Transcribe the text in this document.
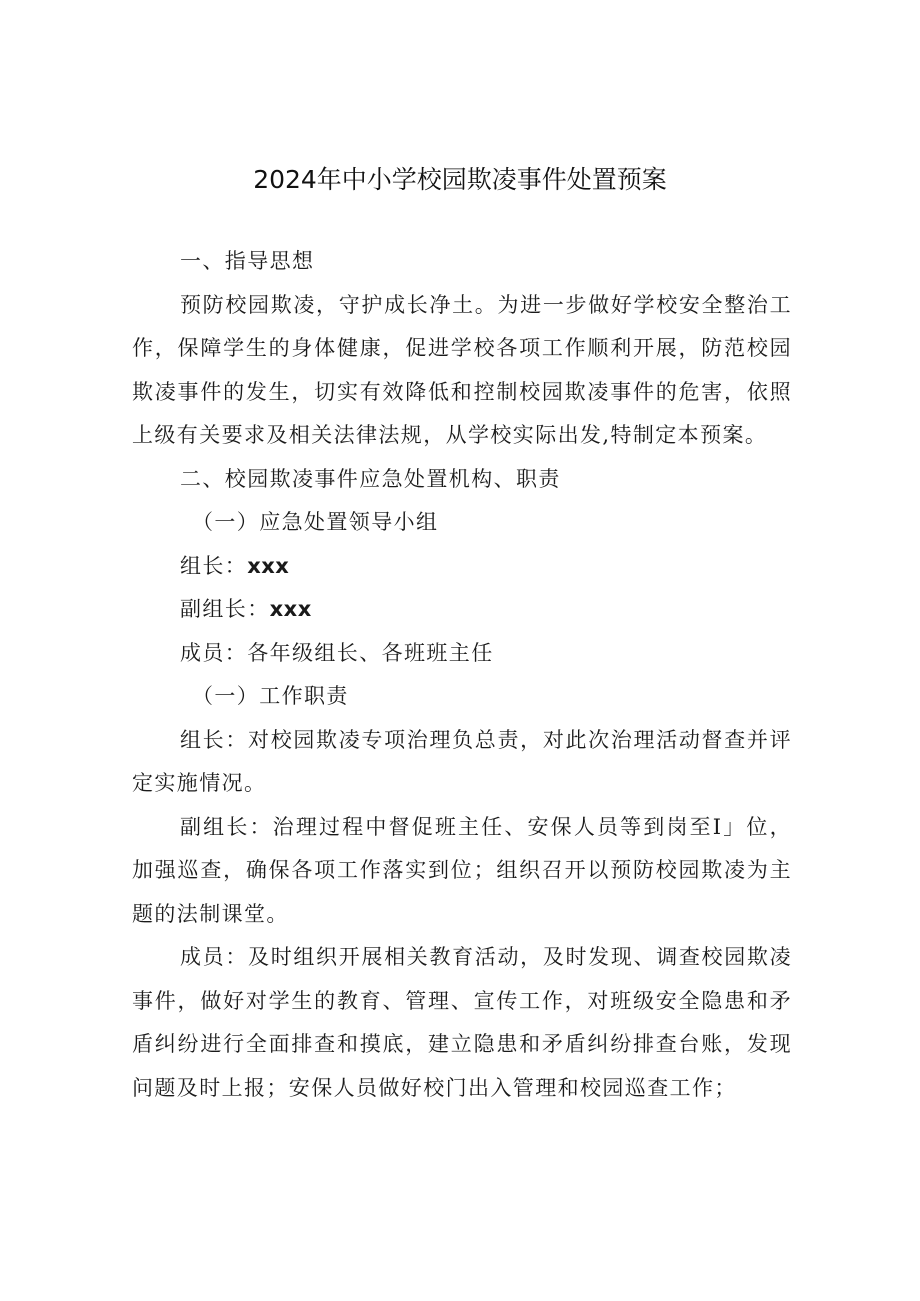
2024年中小学校园欺凌事件处置预案

一、指导思想

预防校园欺凌，守护成长净土。为进一步做好学校安全整治工作，保障学生的身体健康，促进学校各项工作顺利开展，防范校园欺凌事件的发生，切实有效降低和控制校园欺凌事件的危害，依照上级有关要求及相关法律法规，从学校实际出发,特制定本预案。

二、校园欺凌事件应急处置机构、职责

（一）应急处置领导小组

组长：xxx

副组长：xxx

成员：各年级组长、各班班主任

（一）工作职责

组长：对校园欺凌专项治理负总责，对此次治理活动督查并评定实施情况。

副组长：治理过程中督促班主任、安保人员等到岗至I」位，加强巡查，确保各项工作落实到位；组织召开以预防校园欺凌为主题的法制课堂。

成员：及时组织开展相关教育活动，及时发现、调查校园欺凌事件，做好对学生的教育、管理、宣传工作，对班级安全隐患和矛盾纠纷进行全面排查和摸底，建立隐患和矛盾纠纷排查台账，发现问题及时上报；安保人员做好校门出入管理和校园巡查工作；
